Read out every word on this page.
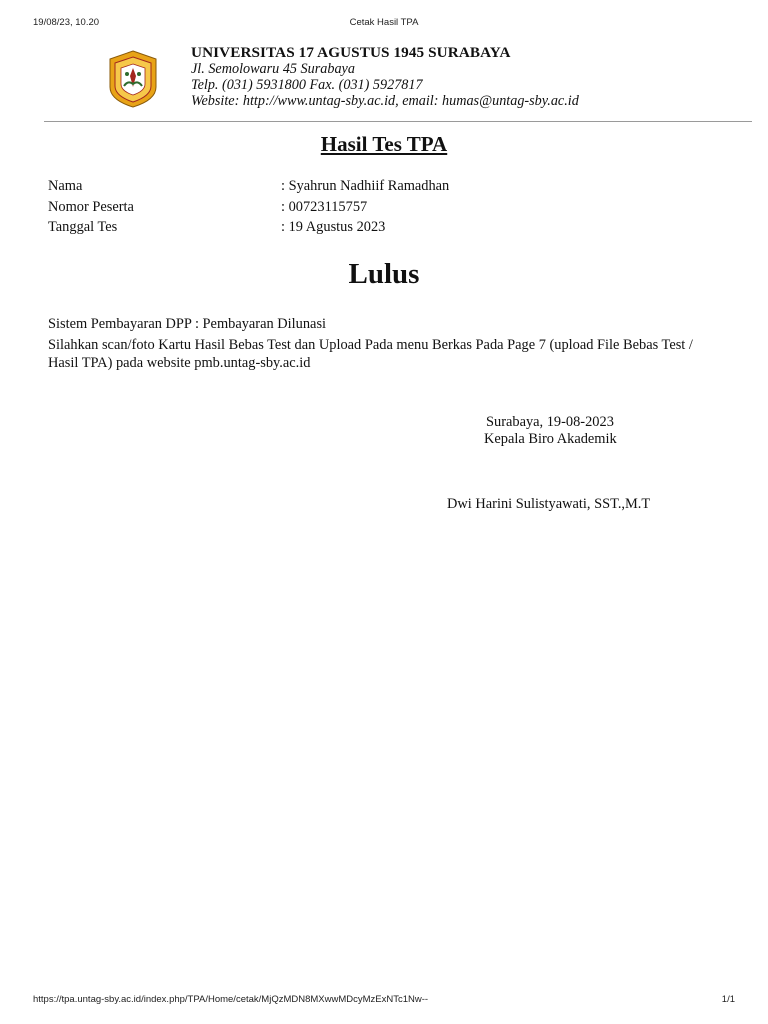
19/08/23, 10.20	Cetak Hasil TPA
UNIVERSITAS 17 AGUSTUS 1945 SURABAYA
Jl. Semolowaru 45 Surabaya
Telp. (031) 5931800 Fax. (031) 5927817
Website: http://www.untag-sby.ac.id, email: humas@untag-sby.ac.id
Hasil Tes TPA
Nama	: Syahrun Nadhiif Ramadhan
Nomor Peserta	: 00723115757
Tanggal Tes	: 19 Agustus 2023
Lulus

Sistem Pembayaran DPP : Pembayaran Dilunasi

Silahkan scan/foto Kartu Hasil Bebas Test dan Upload Pada menu Berkas Pada Page 7 (upload File Bebas Test / Hasil TPA) pada website pmb.untag-sby.ac.id

Surabaya, 19-08-2023
Kepala Biro Akademik
Dwi Harini Sulistyawati, SST.,M.T
https://tpa.untag-sby.ac.id/index.php/TPA/Home/cetak/MjQzMDN8MXwwMDcyMzExNTc1Nw--	1/1
